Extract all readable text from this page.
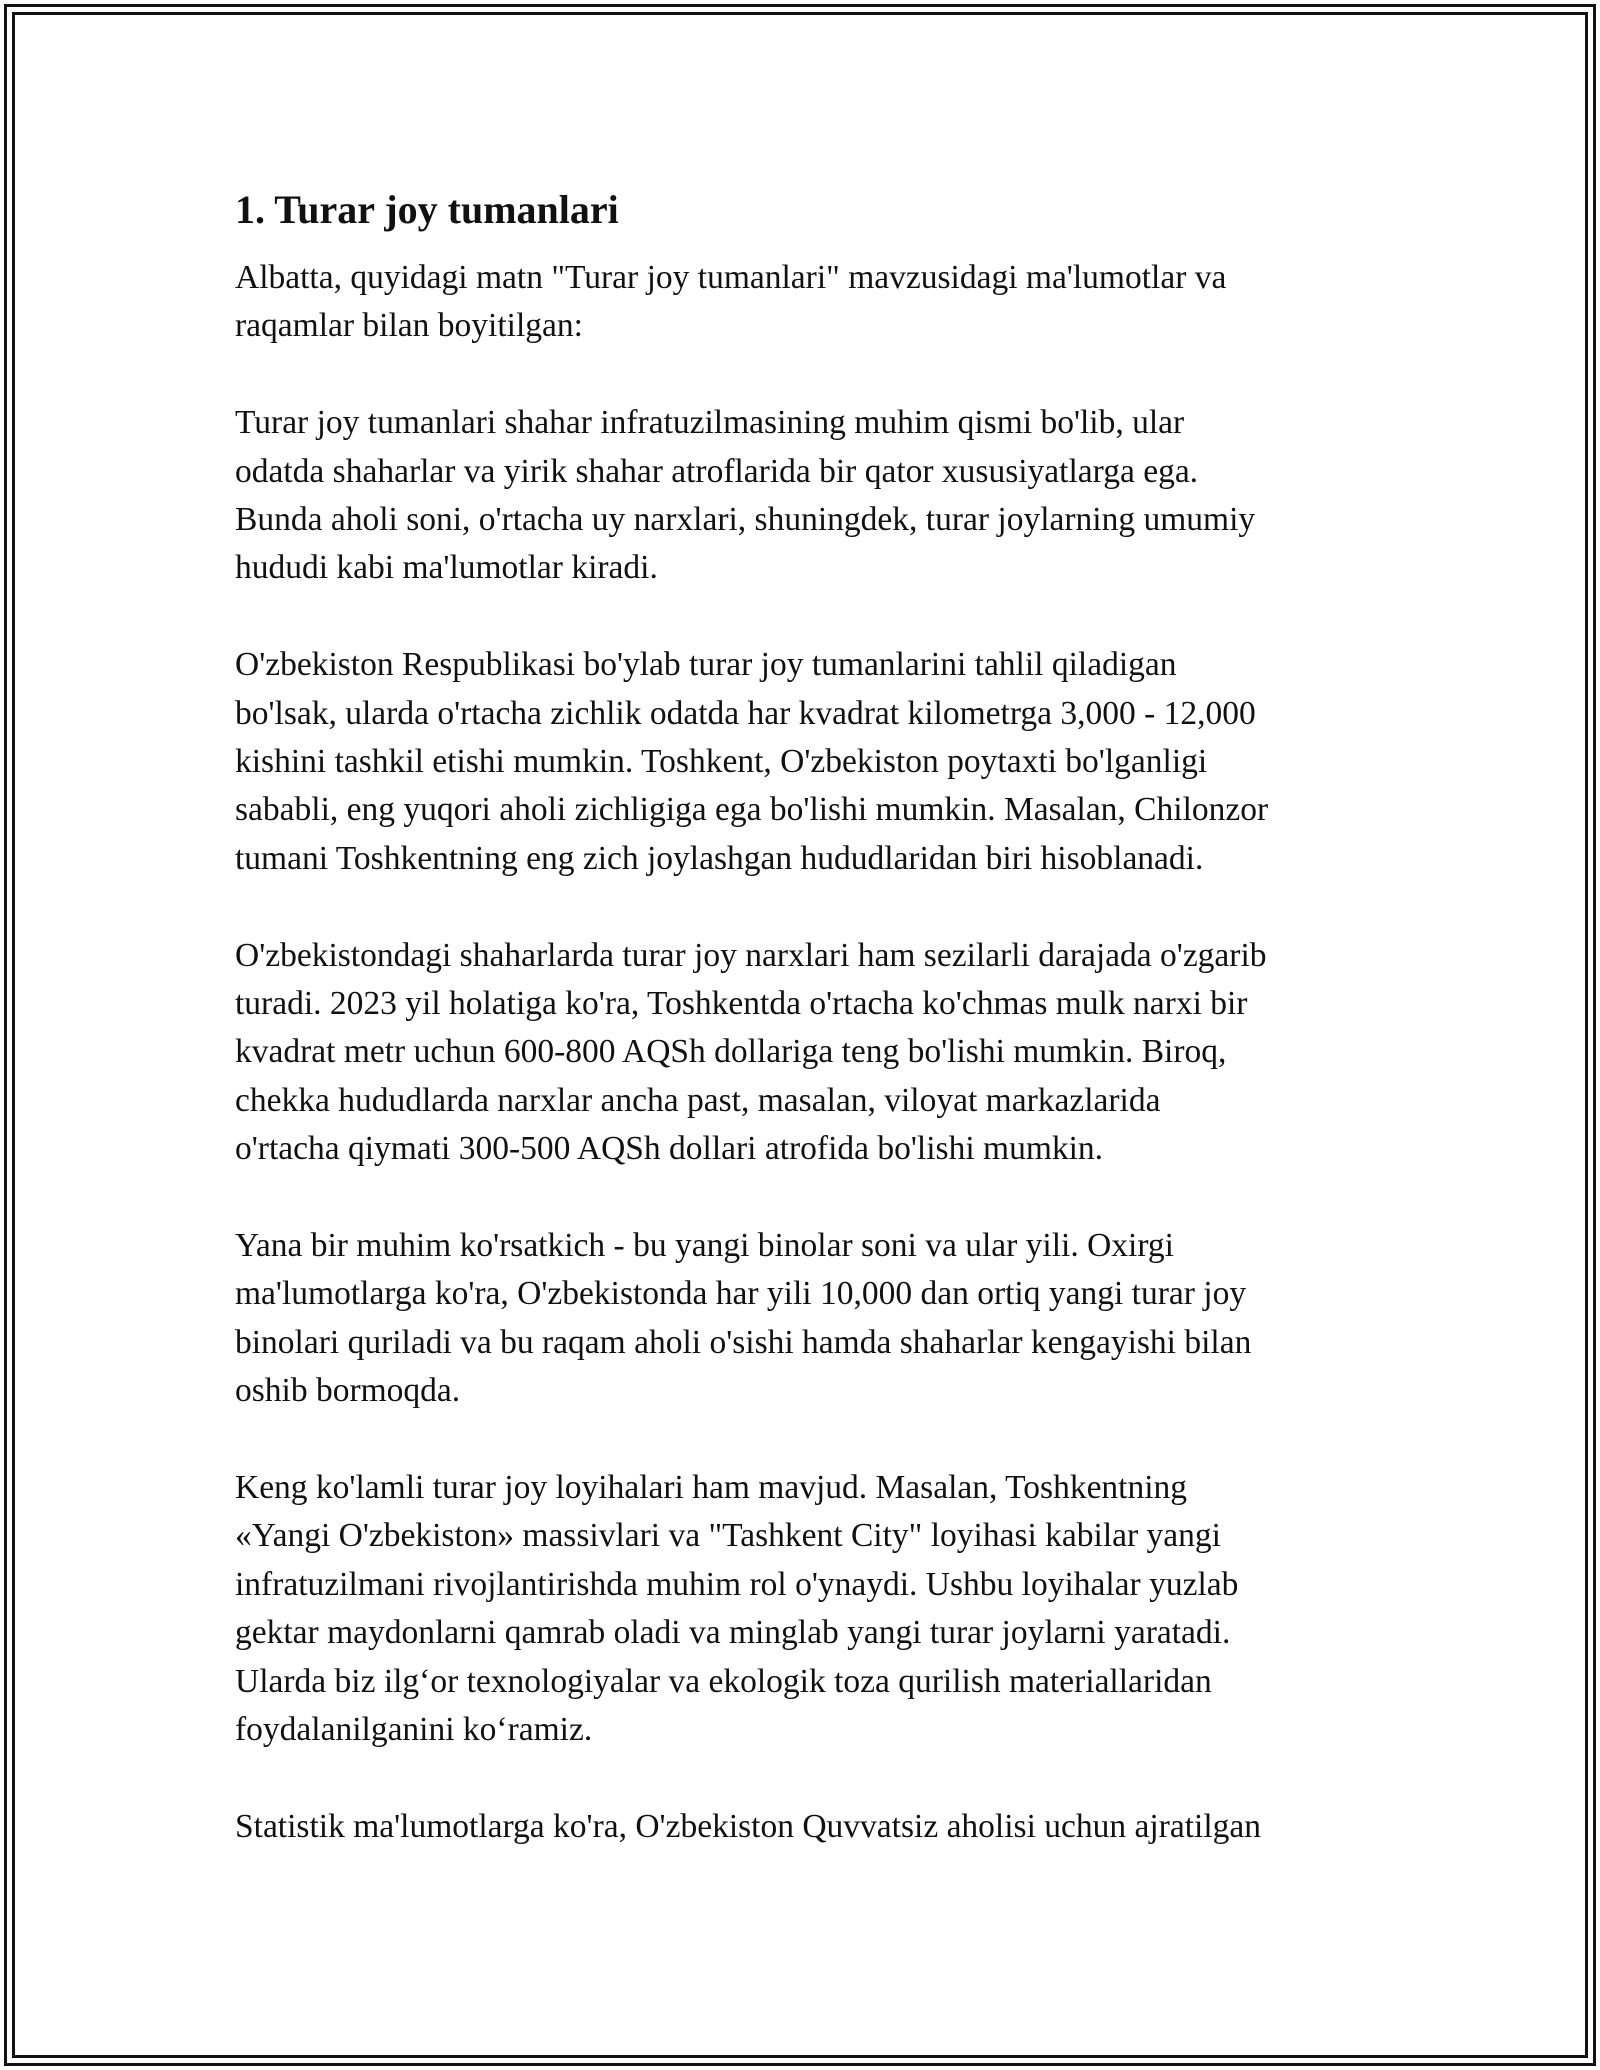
1. Turar joy tumanlari

Albatta, quyidagi matn "Turar joy tumanlari" mavzusidagi ma'lumotlar va
raqamlar bilan boyitilgan:

Turar joy tumanlari shahar infratuzilmasining muhim qismi bo'lib, ular
odatda shaharlar va yirik shahar atroflarida bir qator xususiyatlarga ega.
Bunda aholi soni, o'rtacha uy narxlari, shuningdek, turar joylarning umumiy
hududi kabi ma'lumotlar kiradi.

O'zbekiston Respublikasi bo'ylab turar joy tumanlarini tahlil qiladigan
bo'lsak, ularda o'rtacha zichlik odatda har kvadrat kilometrga 3,000 - 12,000
kishini tashkil etishi mumkin. Toshkent, O'zbekiston poytaxti bo'lganligi
sababli, eng yuqori aholi zichligiga ega bo'lishi mumkin. Masalan, Chilonzor
tumani Toshkentning eng zich joylashgan hududlaridan biri hisoblanadi.

O'zbekistondagi shaharlarda turar joy narxlari ham sezilarli darajada o'zgarib
turadi. 2023 yil holatiga ko'ra, Toshkentda o'rtacha ko'chmas mulk narxi bir
kvadrat metr uchun 600-800 AQSh dollariga teng bo'lishi mumkin. Biroq,
chekka hududlarda narxlar ancha past, masalan, viloyat markazlarida
o'rtacha qiymati 300-500 AQSh dollari atrofida bo'lishi mumkin.

Yana bir muhim ko'rsatkich - bu yangi binolar soni va ular yili. Oxirgi
ma'lumotlarga ko'ra, O'zbekistonda har yili 10,000 dan ortiq yangi turar joy
binolari quriladi va bu raqam aholi o'sishi hamda shaharlar kengayishi bilan
oshib bormoqda.

Keng ko'lamli turar joy loyihalari ham mavjud. Masalan, Toshkentning
«Yangi O'zbekiston» massivlari va "Tashkent City" loyihasi kabilar yangi
infratuzilmani rivojlantirishda muhim rol o'ynaydi. Ushbu loyihalar yuzlab
gektar maydonlarni qamrab oladi va minglab yangi turar joylarni yaratadi.
Ularda biz ilg‘or texnologiyalar va ekologik toza qurilish materiallaridan
foydalanilganini ko‘ramiz.

Statistik ma'lumotlarga ko'ra, O'zbekiston Quvvatsiz aholisi uchun ajratilgan
